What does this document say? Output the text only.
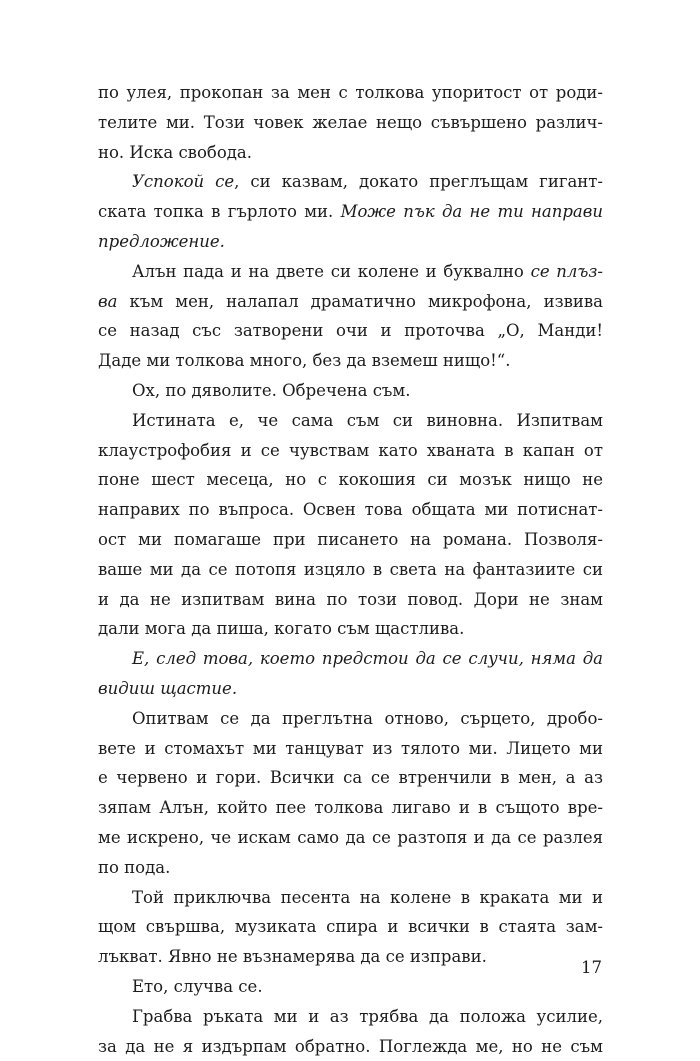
по улея, прокопан за мен с толкова упоритост от роди-
телите ми. Този човек желае нещо съвършено различ-
но. Иска свобода.
Успокой се, си казвам, докато преглъщам гигант-
ската топка в гърлото ми. Може пък да не ти направи
предложение.
Алън пада и на двете си колене и буквално се плъз-
ва към мен, налапал драматично микрофона, извива
се назад със затворени очи и проточва „О, Манди!
Даде ми толкова много, без да вземеш нищо!“.
Ох, по дяволите. Обречена съм.
Истината е, че сама съм си виновна. Изпитвам
клаустрофобия и се чувствам като хваната в капан от
поне шест месеца, но с кокошия си мозък нищо не
направих по въпроса. Освен това общата ми потиснат-
ост ми помагаше при писането на романа. Позволя-
ваше ми да се потопя изцяло в света на фантазиите си
и да не изпитвам вина по този повод. Дори не знам
дали мога да пиша, когато съм щастлива.
Е, след това, което предстои да се случи, няма да
видиш щастие.
Опитвам се да преглътна отново, сърцето, дробо-
вете и стомахът ми танцуват из тялото ми. Лицето ми
е червено и гори. Всички са се втренчили в мен, а аз
зяпам Алън, който пее толкова лигаво и в същото вре-
ме искрено, че искам само да се разтопя и да се разлея
по пода.
Той приключва песента на колене в краката ми и
щом свършва, музиката спира и всички в стаята зам-
лъкват. Явно не възнамерява да се изправи.
Ето, случва се.
Грабва ръката ми и аз трябва да положа усилие,
за да не я издърпам обратно. Поглежда ме, но не съм
17
